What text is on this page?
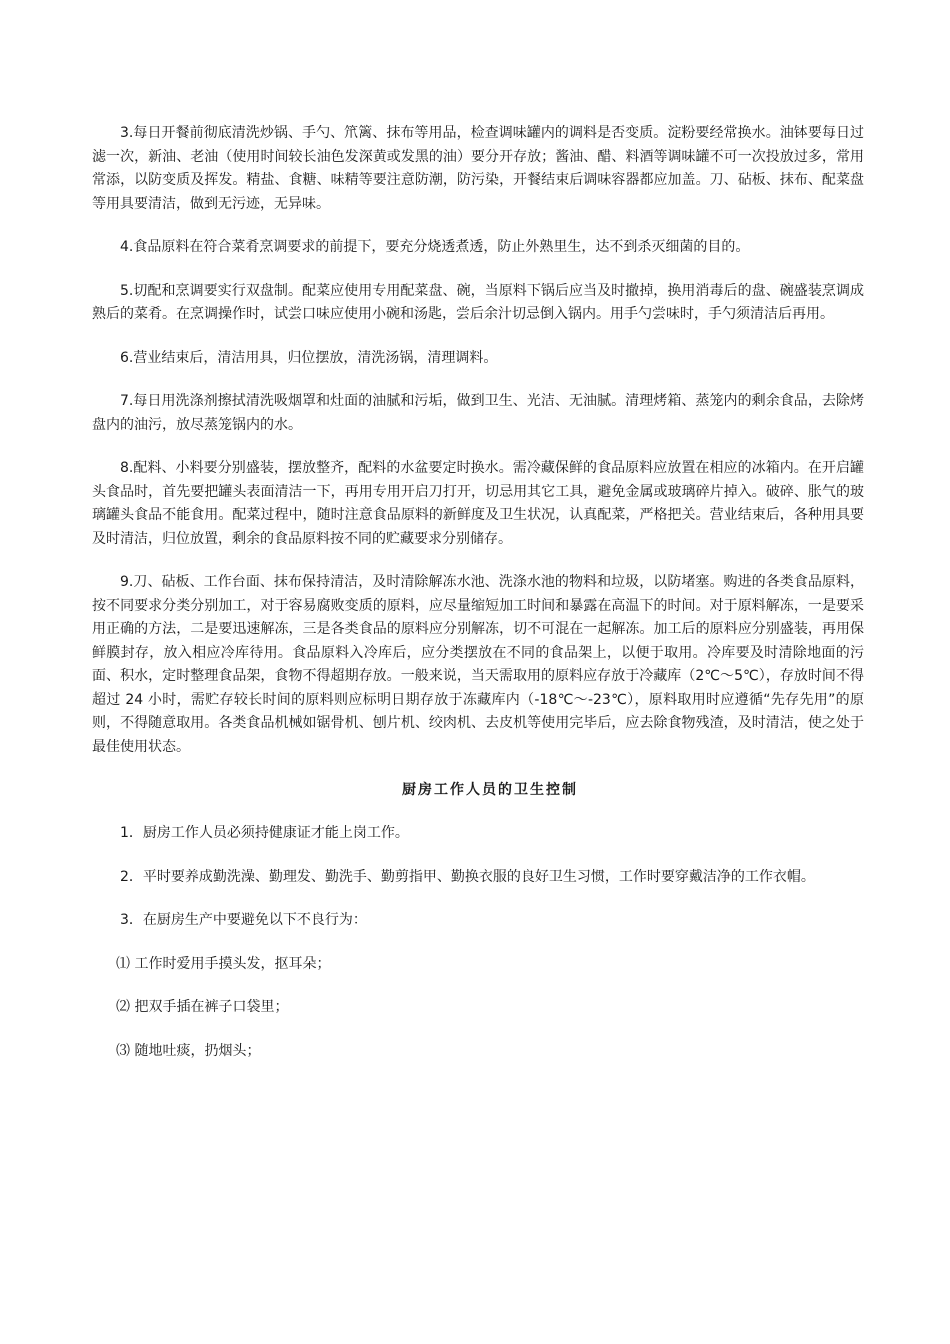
3.每日开餐前彻底清洗炒锅、手勺、笊篱、抹布等用品，检查调味罐内的调料是否变质。淀粉要经常换水。油钵要每日过滤一次，新油、老油（使用时间较长油色发深黄或发黑的油）要分开存放；酱油、醋、料酒等调味罐不可一次投放过多，常用常添，以防变质及挥发。精盐、食糖、味精等要注意防潮，防污染，开餐结束后调味容器都应加盖。刀、砧板、抹布、配菜盘等用具要清洁，做到无污迹，无异味。

4.食品原料在符合菜肴烹调要求的前提下，要充分烧透煮透，防止外熟里生，达不到杀灭细菌的目的。

5.切配和烹调要实行双盘制。配菜应使用专用配菜盘、碗，当原料下锅后应当及时撤掉，换用消毒后的盘、碗盛装烹调成熟后的菜肴。在烹调操作时，试尝口味应使用小碗和汤匙，尝后余汁切忌倒入锅内。用手勺尝味时，手勺须清洁后再用。

6.营业结束后，清洁用具，归位摆放，清洗汤锅，清理调料。

7.每日用洗涤剂擦拭清洗吸烟罩和灶面的油腻和污垢，做到卫生、光洁、无油腻。清理烤箱、蒸笼内的剩余食品，去除烤盘内的油污，放尽蒸笼锅内的水。

8.配料、小料要分别盛装，摆放整齐，配料的水盆要定时换水。需冷藏保鲜的食品原料应放置在相应的冰箱内。在开启罐头食品时，首先要把罐头表面清洁一下，再用专用开启刀打开，切忌用其它工具，避免金属或玻璃碎片掉入。破碎、胀气的玻璃罐头食品不能食用。配菜过程中，随时注意食品原料的新鲜度及卫生状况，认真配菜，严格把关。营业结束后，各种用具要及时清洁，归位放置，剩余的食品原料按不同的贮藏要求分别储存。

9.刀、砧板、工作台面、抹布保持清洁，及时清除解冻水池、洗涤水池的物料和垃圾，以防堵塞。购进的各类食品原料，按不同要求分类分别加工，对于容易腐败变质的原料，应尽量缩短加工时间和暴露在高温下的时间。对于原料解冻，一是要采用正确的方法，二是要迅速解冻，三是各类食品的原料应分别解冻，切不可混在一起解冻。加工后的原料应分别盛装，再用保鲜膜封存，放入相应冷库待用。食品原料入冷库后，应分类摆放在不同的食品架上，以便于取用。冷库要及时清除地面的污面、积水，定时整理食品架，食物不得超期存放。一般来说，当天需取用的原料应存放于冷藏库（2℃～5℃），存放时间不得超过 24 小时，需贮存较长时间的原料则应标明日期存放于冻藏库内（-18℃～-23℃），原料取用时应遵循“先存先用”的原则，不得随意取用。各类食品机械如锯骨机、刨片机、绞肉机、去皮机等使用完毕后，应去除食物残渣，及时清洁，使之处于最佳使用状态。

厨房工作人员的卫生控制

1．厨房工作人员必须持健康证才能上岗工作。

2．平时要养成勤洗澡、勤理发、勤洗手、勤剪指甲、勤换衣服的良好卫生习惯，工作时要穿戴洁净的工作衣帽。

3．在厨房生产中要避免以下不良行为：

⑴ 工作时爱用手摸头发，抠耳朵；

⑵ 把双手插在裤子口袋里；

⑶ 随地吐痰，扔烟头；
